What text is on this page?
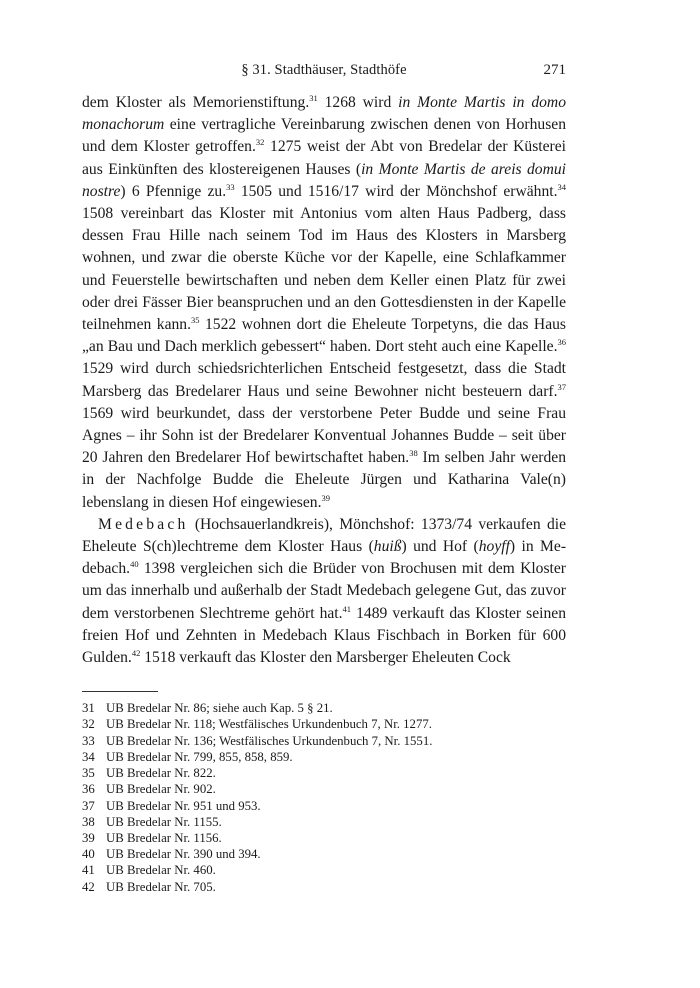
§ 31. Stadthäuser, Stadthöfe	271

dem Kloster als Memorienstiftung.$^{31}$ 1268 wird in Monte Martis in domo monachorum eine vertragliche Vereinbarung zwischen denen von Horhusen und dem Kloster getroffen.$^{32}$ 1275 weist der Abt von Bredelar der Küsterei aus Einkünften des klostereigenen Hauses (in Monte Martis de areis domui nostre) 6 Pfennige zu.$^{33}$ 1505 und 1516/17 wird der Mönchshof erwähnt.$^{34}$ 1508 vereinbart das Kloster mit Antonius vom alten Haus Padberg, dass dessen Frau Hille nach seinem Tod im Haus des Klosters in Marsberg wohnen, und zwar die oberste Küche vor der Kapelle, eine Schlafkammer und Feuerstelle bewirtschaften und neben dem Keller einen Platz für zwei oder drei Fässer Bier beanspruchen und an den Gottesdiensten in der Kapelle teilnehmen kann.$^{35}$ 1522 wohnen dort die Eheleute Torpetyns, die das Haus „an Bau und Dach merklich gebessert“ haben. Dort steht auch eine Kapelle.$^{36}$ 1529 wird durch schiedsrichterlichen Entscheid festgesetzt, dass die Stadt Marsberg das Bredelarer Haus und seine Bewohner nicht besteuern darf.$^{37}$ 1569 wird beurkundet, dass der verstorbene Peter Budde und seine Frau Agnes – ihr Sohn ist der Bredelarer Konventual Johannes Budde – seit über 20 Jahren den Bredelarer Hof bewirtschaftet haben.$^{38}$ Im selben Jahr werden in der Nachfolge Budde die Eheleute Jürgen und Katharina Vale(n) lebenslang in diesen Hof eingewiesen.$^{39}$

Medebach (Hochsauerlandkreis), Mönchshof: 1373/74 verkaufen die Eheleute S(ch)lechtreme dem Kloster Haus (huiß) und Hof (hoyff) in Medebach.$^{40}$ 1398 vergleichen sich die Brüder von Brochusen mit dem Kloster um das innerhalb und außerhalb der Stadt Medebach gelegene Gut, das zuvor dem verstorbenen Slechtreme gehört hat.$^{41}$ 1489 verkauft das Kloster seinen freien Hof und Zehnten in Medebach Klaus Fischbach in Borken für 600 Gulden.$^{42}$ 1518 verkauft das Kloster den Marsberger Eheleuten Cock

31 UB Bredelar Nr. 86; siehe auch Kap. 5 § 21.
32 UB Bredelar Nr. 118; Westfälisches Urkundenbuch 7, Nr. 1277.
33 UB Bredelar Nr. 136; Westfälisches Urkundenbuch 7, Nr. 1551.
34 UB Bredelar Nr. 799, 855, 858, 859.
35 UB Bredelar Nr. 822.
36 UB Bredelar Nr. 902.
37 UB Bredelar Nr. 951 und 953.
38 UB Bredelar Nr. 1155.
39 UB Bredelar Nr. 1156.
40 UB Bredelar Nr. 390 und 394.
41 UB Bredelar Nr. 460.
42 UB Bredelar Nr. 705.
